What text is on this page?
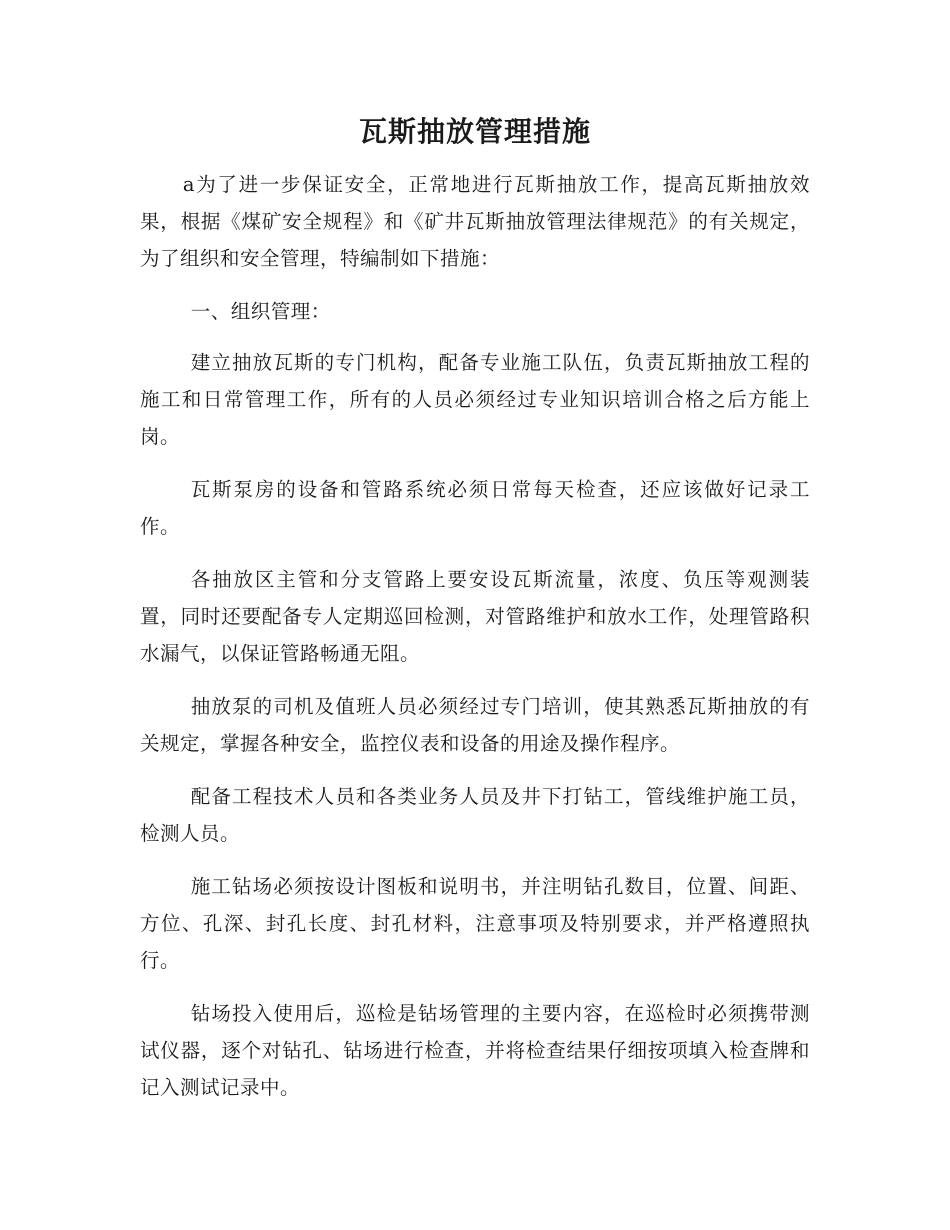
瓦斯抽放管理措施

a为了进一步保证安全，正常地进行瓦斯抽放工作，提高瓦斯抽放效果，根据《煤矿安全规程》和《矿井瓦斯抽放管理法律规范》的有关规定，为了组织和安全管理，特编制如下措施：

一、组织管理：

建立抽放瓦斯的专门机构，配备专业施工队伍，负责瓦斯抽放工程的施工和日常管理工作，所有的人员必须经过专业知识培训合格之后方能上岗。

瓦斯泵房的设备和管路系统必须日常每天检查，还应该做好记录工作。

各抽放区主管和分支管路上要安设瓦斯流量，浓度、负压等观测装置，同时还要配备专人定期巡回检测，对管路维护和放水工作，处理管路积水漏气，以保证管路畅通无阻。

抽放泵的司机及值班人员必须经过专门培训，使其熟悉瓦斯抽放的有关规定，掌握各种安全，监控仪表和设备的用途及操作程序。

配备工程技术人员和各类业务人员及井下打钻工，管线维护施工员，检测人员。

施工钻场必须按设计图板和说明书，并注明钻孔数目，位置、间距、方位、孔深、封孔长度、封孔材料，注意事项及特别要求，并严格遵照执行。

钻场投入使用后，巡检是钻场管理的主要内容，在巡检时必须携带测试仪器，逐个对钻孔、钻场进行检查，并将检查结果仔细按项填入检查牌和记入测试记录中。
